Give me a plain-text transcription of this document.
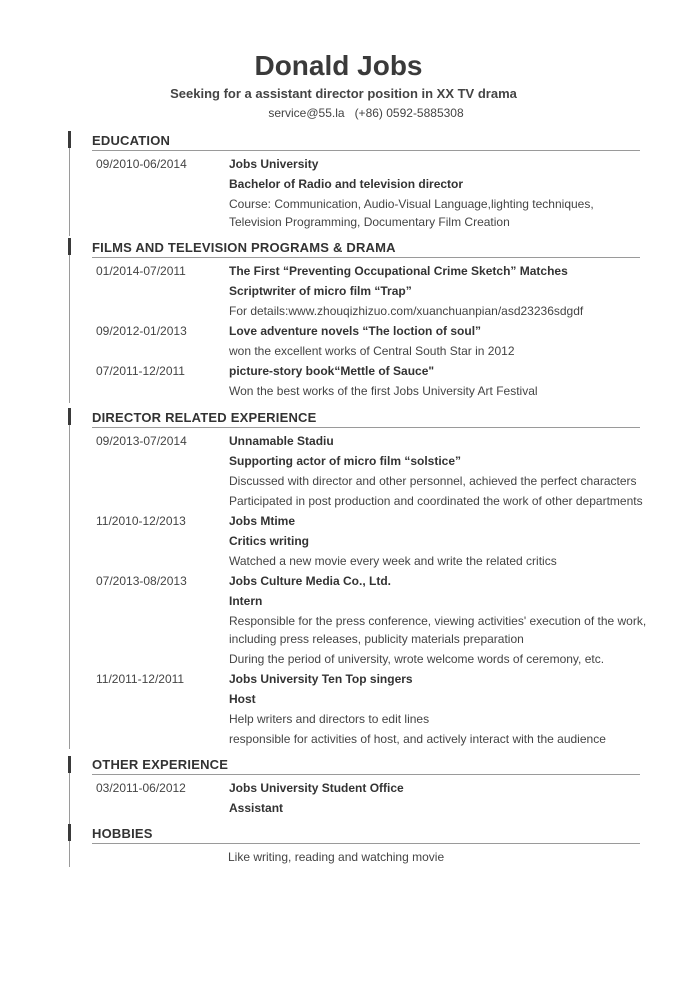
Donald Jobs
Seeking for a assistant director position in XX TV drama
service@55.la (+86) 0592-5885308
EDUCATION
09/2010-06/2014	Jobs University
Bachelor of Radio and television director
Course: Communication, Audio-Visual Language,lighting techniques,
Television Programming, Documentary Film Creation
FILMS AND TELEVISION PROGRAMS & DRAMA
01/2014-07/2011	The First “Preventing Occupational Crime Sketch” Matches
Scriptwriter of micro film “Trap”
For details:www.zhouqizhizuo.com/xuanchuanpian/asd23236sdgdf
09/2012-01/2013	Love adventure novels “The loction of soul”
won the excellent works of Central South Star in 2012
07/2011-12/2011	picture-story book“Mettle of Sauce"
Won the best works of the first Jobs University Art Festival
DIRECTOR RELATED EXPERIENCE
09/2013-07/2014	Unnamable Stadiu
Supporting actor of micro film “solstice”
Discussed with director and other personnel, achieved the perfect characters
Participated in post production and coordinated the work of other departments
11/2010-12/2013	Jobs Mtime
Critics writing
Watched a new movie every week and write the related critics
07/2013-08/2013	Jobs Culture Media Co., Ltd.
Intern
Responsible for the press conference, viewing activities' execution of the work,
including press releases, publicity materials preparation
During the period of university, wrote welcome words of ceremony, etc.
11/2011-12/2011	Jobs University Ten Top singers
Host
Help writers and directors to edit lines
responsible for activities of host, and actively interact with the audience
OTHER EXPERIENCE
03/2011-06/2012	Jobs University Student Office
Assistant
HOBBIES
Like writing, reading and watching movie
